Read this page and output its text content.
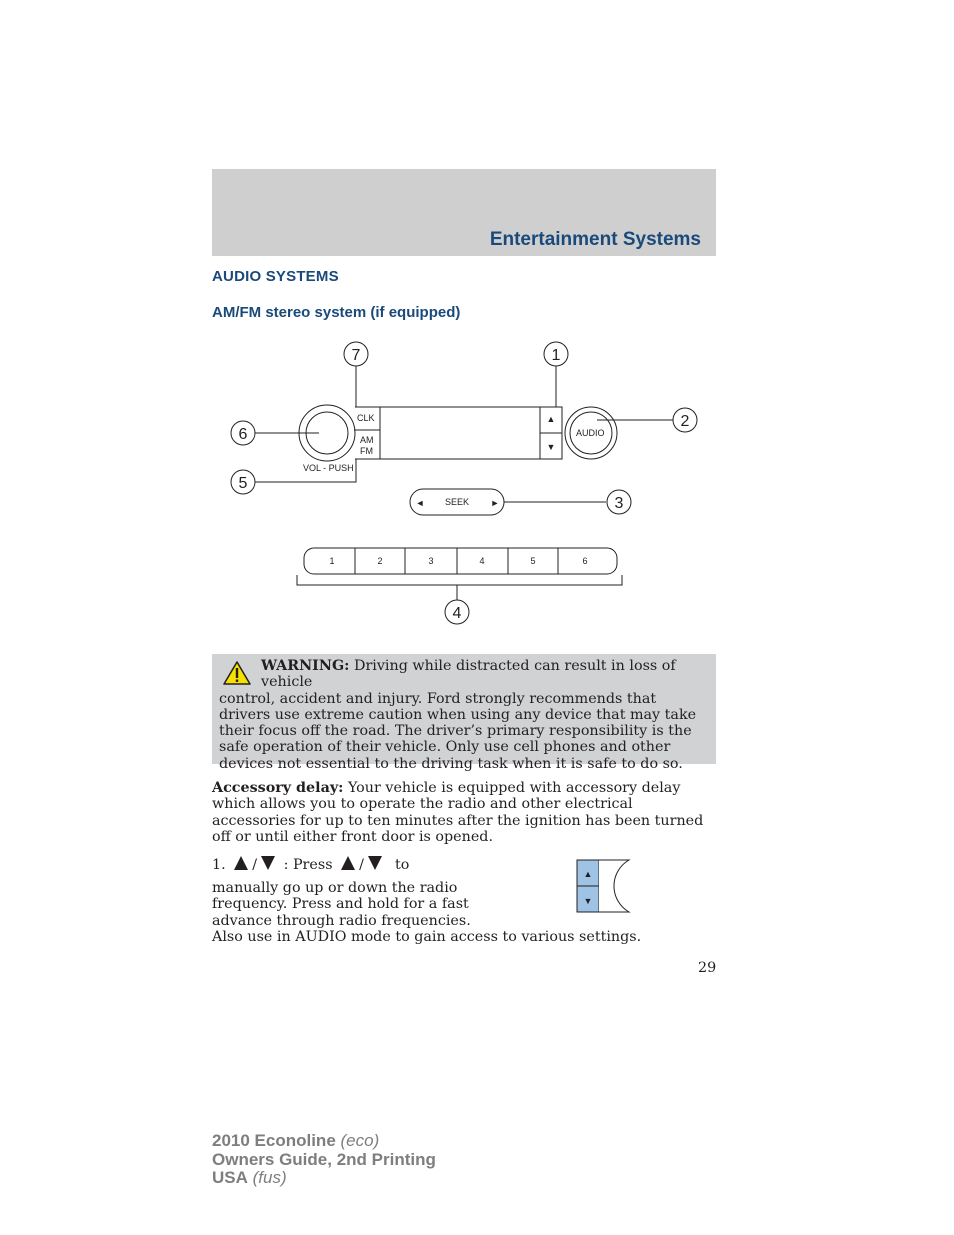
Entertainment Systems
AUDIO SYSTEMS
AM/FM stereo system (if equipped)
7	1
2
6
5
3
4
CLK
AM
FM
VOL - PUSH
AUDIO
SEEK
▲
▼
◄	►
1	2	3	4	5	6

WARNING: Driving while distracted can result in loss of vehicle

control, accident and injury. Ford strongly recommends that drivers use extreme caution when using any device that may take their focus off the road. The driver’s primary responsibility is the safe operation of their vehicle. Only use cell phones and other devices not essential to the driving task when it is safe to do so.

Accessory delay: Your vehicle is equipped with accessory delay which allows you to operate the radio and other electrical accessories for up to ten minutes after the ignition has been turned off or until either front door is opened.
1. / : Press / to
▲
▼
manually go up or down the radio frequency. Press and hold for a fast advance through radio frequencies.
Also use in AUDIO mode to gain access to various settings.
29
2010 Econoline (eco)
Owners Guide, 2nd Printing
USA (fus)
